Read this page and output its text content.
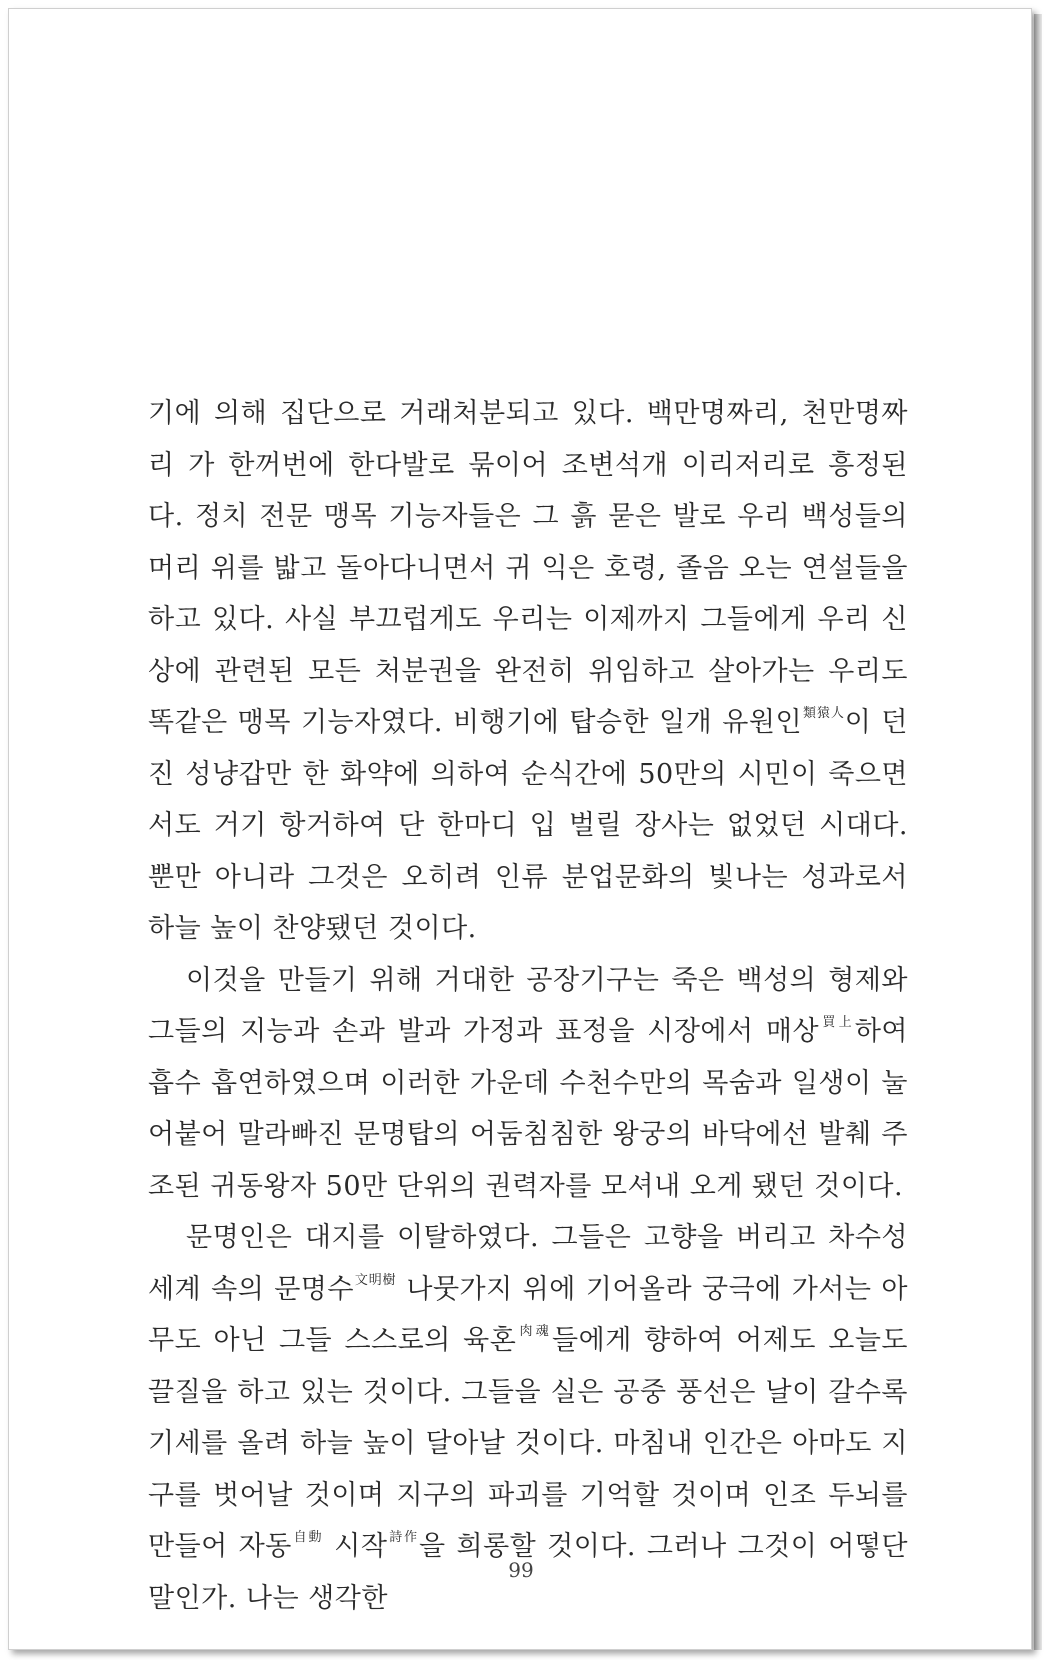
기에 의해 집단으로 거래처분되고 있다. 백만명짜리, 천만명짜리 가 한꺼번에 한다발로 묶이어 조변석개 이리저리로 흥정된다. 정치 전문 맹목 기능자들은 그 흙 묻은 발로 우리 백성들의 머리 위를 밟고 돌아다니면서 귀 익은 호령, 졸음 오는 연설들을 하고 있다. 사실 부끄럽게도 우리는 이제까지 그들에게 우리 신상에 관련된 모든 처분권을 완전히 위임하고 살아가는 우리도 똑같은 맹목 기능자였다. 비행기에 탑승한 일개 유원인$^{類猿人}$이 던진 성냥갑만 한 화약에 의하여 순식간에 50만의 시민이 죽으면서도 거기 항거하여 단 한마디 입 벌릴 장사는 없었던 시대다. 뿐만 아니라 그것은 오히려 인류 분업문화의 빛나는 성과로서 하늘 높이 찬양됐던 것이다.

이것을 만들기 위해 거대한 공장기구는 죽은 백성의 형제와 그들의 지능과 손과 발과 가정과 표정을 시장에서 매상$^{買上}$하여 흡수 흡연하였으며 이러한 가운데 수천수만의 목숨과 일생이 눌어붙어 말라빠진 문명탑의 어둠침침한 왕궁의 바닥에선 발췌 주조된 귀동왕자 50만 단위의 권력자를 모셔내 오게 됐던 것이다.

문명인은 대지를 이탈하였다. 그들은 고향을 버리고 차수성 세계 속의 문명수$^{文明樹}$ 나뭇가지 위에 기어올라 궁극에 가서는 아무도 아닌 그들 스스로의 육혼$^{肉魂}$들에게 향하여 어제도 오늘도 끌질을 하고 있는 것이다. 그들을 실은 공중 풍선은 날이 갈수록 기세를 올려 하늘 높이 달아날 것이다. 마침내 인간은 아마도 지구를 벗어날 것이며 지구의 파괴를 기억할 것이며 인조 두뇌를 만들어 자동$^{自動}$ 시작$^{詩作}$을 희롱할 것이다. 그러나 그것이 어떻단 말인가. 나는 생각한

99
